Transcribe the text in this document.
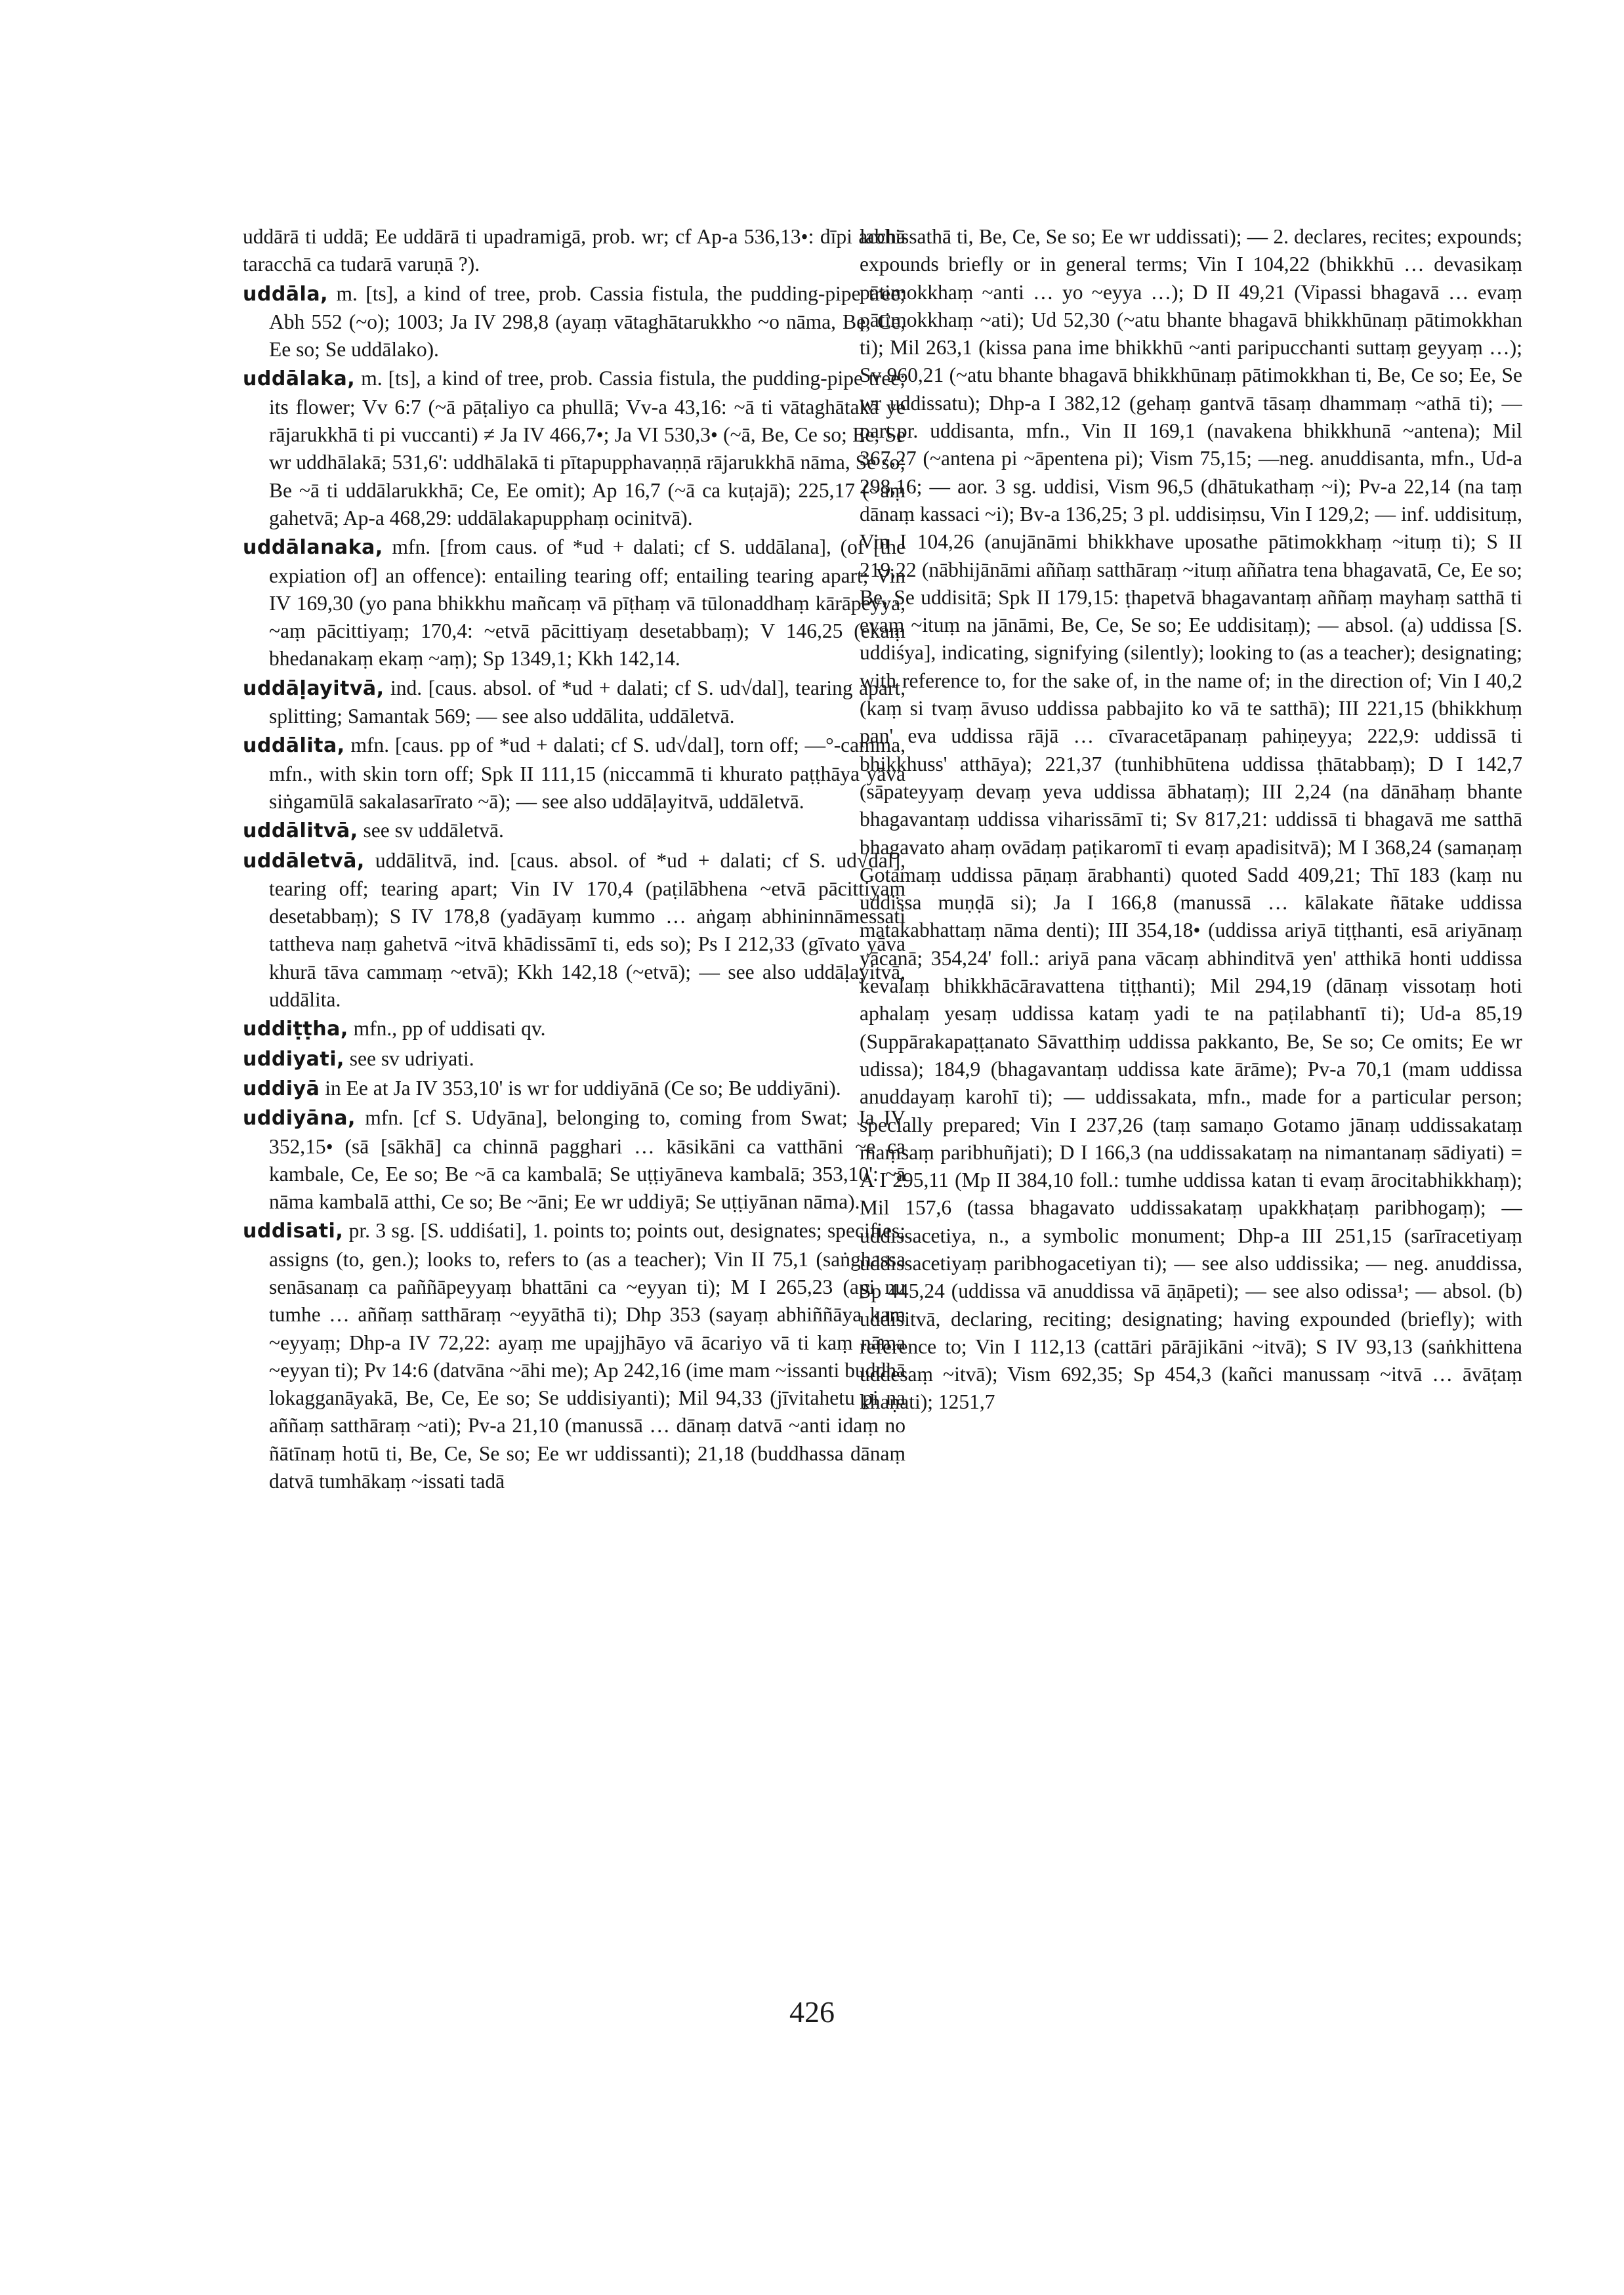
uddārā ti uddā; Ee uddārā ti upadramigā, prob. wr; cf Ap-a 536,13•: dīpi acchā taracchā ca tudarā varuṇā ?).

uddāla, m. [ts], a kind of tree, prob. Cassia fistula, the pudding-pipe tree; Abh 552 (~o); 1003; Ja IV 298,8 (ayaṃ vātaghātarukkho ~o nāma, Be, Ce, Ee so; Se uddālako).

uddālaka, m. [ts], a kind of tree, prob. Cassia fistula, the pudding-pipe tree; its flower; Vv 6:7 (~ā pāṭaliyo ca phullā; Vv-a 43,16: ~ā ti vātaghātakā ye rājarukkhā ti pi vuccanti) ≠ Ja IV 466,7•; Ja VI 530,3• (~ā, Be, Ce so; Ee, Se wr uddhālakā; 531,6': uddhālakā ti pītapupphavaṇṇā rājarukkhā nāma, Se so; Be ~ā ti uddālarukkhā; Ce, Ee omit); Ap 16,7 (~ā ca kuṭajā); 225,17 (~aṃ gahetvā; Ap-a 468,29: uddālakapupphaṃ ocinitvā).

uddālanaka, mfn. [from caus. of *ud + dalati; cf S. uddālana], (of [the expiation of] an offence): entailing tearing off; entailing tearing apart; Vin IV 169,30 (yo pana bhikkhu mañcaṃ vā pīṭhaṃ vā tūlonaddhaṃ kārāpeyya, ~aṃ pācittiyaṃ; 170,4: ~etvā pācittiyaṃ desetabbaṃ); V 146,25 (ekaṃ bhedanakaṃ ekaṃ ~aṃ); Sp 1349,1; Kkh 142,14.

uddāḷayitvā, ind. [caus. absol. of *ud + dalati; cf S. ud√dal], tearing apart, splitting; Samantak 569; — see also uddālita, uddāletvā.

uddālita, mfn. [caus. pp of *ud + dalati; cf S. ud√dal], torn off; —°-camma, mfn., with skin torn off; Spk II 111,15 (niccammā ti khurato paṭṭhāya yāva siṅgamūlā sakalasarīrato ~ā); — see also uddāḷayitvā, uddāletvā.

uddālitvā, see sv uddāletvā.

uddāletvā, uddālitvā, ind. [caus. absol. of *ud + dalati; cf S. ud√dal], tearing off; tearing apart; Vin IV 170,4 (paṭilābhena ~etvā pācittiyaṃ desetabbaṃ); S IV 178,8 (yadāyaṃ kummo … aṅgaṃ abhininnāmessati tattheva naṃ gahetvā ~itvā khādissāmī ti, eds so); Ps I 212,33 (gīvato yāva khurā tāva cammaṃ ~etvā); Kkh 142,18 (~etvā); — see also uddāḷayitvā, uddālita.

uddiṭṭha, mfn., pp of uddisati qv.

uddiyati, see sv udriyati.

uddiyā in Ee at Ja IV 353,10' is wr for uddiyānā (Ce so; Be uddiyāni).

uddiyāna, mfn. [cf S. Udyāna], belonging to, coming from Swat; Ja IV 352,15• (sā [sākhā] ca chinnā pagghari … kāsikāni ca vatthāni ~e ca kambale, Ce, Ee so; Be ~ā ca kambalā; Se uṭṭiyāneva kambalā; 353,10': ~ā nāma kambalā atthi, Ce so; Be ~āni; Ee wr uddiyā; Se uṭṭiyānan nāma).

uddisati, pr. 3 sg. [S. uddiśati], 1. points to; points out, designates; specifies; assigns (to, gen.); looks to, refers to (as a teacher); Vin II 75,1 (saṅghassa senāsanaṃ ca paññāpeyyaṃ bhattāni ca ~eyyan ti); M I 265,23 (api nu tumhe … aññaṃ satthāraṃ ~eyyāthā ti); Dhp 353 (sayaṃ abhiññāya kam ~eyyaṃ; Dhp-a IV 72,22: ayaṃ me upajjhāyo vā ācariyo vā ti kaṃ nāma ~eyyan ti); Pv 14:6 (datvāna ~āhi me); Ap 242,16 (ime mam ~issanti buddhā lokagganāyakā, Be, Ce, Ee so; Se uddisiyanti); Mil 94,33 (jīvitahetu pi na aññaṃ satthāraṃ ~ati); Pv-a 21,10 (manussā … dānaṃ datvā ~anti idaṃ no ñātīnaṃ hotū ti, Be, Ce, Se so; Ee wr uddissanti); 21,18 (buddhassa dānaṃ datvā tumhākaṃ ~issati tadā

labhissathā ti, Be, Ce, Se so; Ee wr uddissati); — 2. declares, recites; expounds; expounds briefly or in general terms; Vin I 104,22 (bhikkhū … devasikaṃ pātimokkhaṃ ~anti … yo ~eyya …); D II 49,21 (Vipassi bhagavā … evaṃ pātimokkhaṃ ~ati); Ud 52,30 (~atu bhante bhagavā bhikkhūnaṃ pātimokkhan ti); Mil 263,1 (kissa pana ime bhikkhū ~anti paripucchanti suttaṃ geyyaṃ …); Sv 960,21 (~atu bhante bhagavā bhikkhūnaṃ pātimokkhan ti, Be, Ce so; Ee, Se wr uddissatu); Dhp-a I 382,12 (gehaṃ gantvā tāsaṃ dhammaṃ ~athā ti); — part.pr. uddisanta, mfn., Vin II 169,1 (navakena bhikkhunā ~antena); Mil 367,27 (~antena pi ~āpentena pi); Vism 75,15; —neg. anuddisanta, mfn., Ud-a 298,16; — aor. 3 sg. uddisi, Vism 96,5 (dhātukathaṃ ~i); Pv-a 22,14 (na taṃ dānaṃ kassaci ~i); Bv-a 136,25; 3 pl. uddisiṃsu, Vin I 129,2; — inf. uddisituṃ, Vin I 104,26 (anujānāmi bhikkhave uposathe pātimokkhaṃ ~ituṃ ti); S II 219,22 (nābhijānāmi aññaṃ satthāraṃ ~ituṃ aññatra tena bhagavatā, Ce, Ee so; Be, Se uddisitā; Spk II 179,15: ṭhapetvā bhagavantaṃ aññaṃ mayhaṃ satthā ti evaṃ ~ituṃ na jānāmi, Be, Ce, Se so; Ee uddisitaṃ); — absol. (a) uddissa [S. uddiśya], indicating, signifying (silently); looking to (as a teacher); designating; with reference to, for the sake of, in the name of; in the direction of; Vin I 40,2 (kaṃ si tvaṃ āvuso uddissa pabbajito ko vā te satthā); III 221,15 (bhikkhuṃ pan' eva uddissa rājā … cīvaracetāpanaṃ pahiṇeyya; 222,9: uddissā ti bhikkhuss' atthāya); 221,37 (tunhibhūtena uddissa ṭhātabbaṃ); D I 142,7 (sāpateyyaṃ devaṃ yeva uddissa ābhataṃ); III 2,24 (na dānāhaṃ bhante bhagavantaṃ uddissa viharissāmī ti; Sv 817,21: uddissā ti bhagavā me satthā bhagavato ahaṃ ovādaṃ paṭikaromī ti evaṃ apadisitvā); M I 368,24 (samaṇaṃ Gotamaṃ uddissa pāṇaṃ ārabhanti) quoted Sadd 409,21; Thī 183 (kaṃ nu uddissa muṇḍā si); Ja I 166,8 (manussā … kālakate ñātake uddissa matakabhattaṃ nāma denti); III 354,18• (uddissa ariyā tiṭṭhanti, esā ariyānaṃ yācanā; 354,24' foll.: ariyā pana vācaṃ abhinditvā yen' atthikā honti uddissa kevalaṃ bhikkhācāravattena tiṭṭhanti); Mil 294,19 (dānaṃ vissotaṃ hoti aphalaṃ yesaṃ uddissa kataṃ yadi te na paṭilabhantī ti); Ud-a 85,19 (Suppārakapaṭṭanato Sāvatthiṃ uddissa pakkanto, Be, Se so; Ce omits; Ee wr udissa); 184,9 (bhagavantaṃ uddissa kate ārāme); Pv-a 70,1 (mam uddissa anuddayaṃ karohī ti); — uddissakata, mfn., made for a particular person; specially prepared; Vin I 237,26 (taṃ samaṇo Gotamo jānaṃ uddissakataṃ maṃsaṃ paribhuñjati); D I 166,3 (na uddissakataṃ na nimantanaṃ sādiyati) = A I 295,11 (Mp II 384,10 foll.: tumhe uddissa katan ti evaṃ ārocitabhikkhaṃ); Mil 157,6 (tassa bhagavato uddissakataṃ upakkhaṭaṃ paribhogaṃ); — uddissacetiya, n., a symbolic monument; Dhp-a III 251,15 (sarīracetiyaṃ uddissacetiyaṃ paribhogacetiyan ti); — see also uddissika; — neg. anuddissa, Sp 445,24 (uddissa vā anuddissa vā āṇāpeti); — see also odissa¹; — absol. (b) uddisitvā, declaring, reciting; designating; having expounded (briefly); with reference to; Vin I 112,13 (cattāri pārājikāni ~itvā); S IV 93,13 (saṅkhittena uddesaṃ ~itvā); Vism 692,35; Sp 454,3 (kañci manussaṃ ~itvā … āvāṭaṃ khaṇati); 1251,7

426
